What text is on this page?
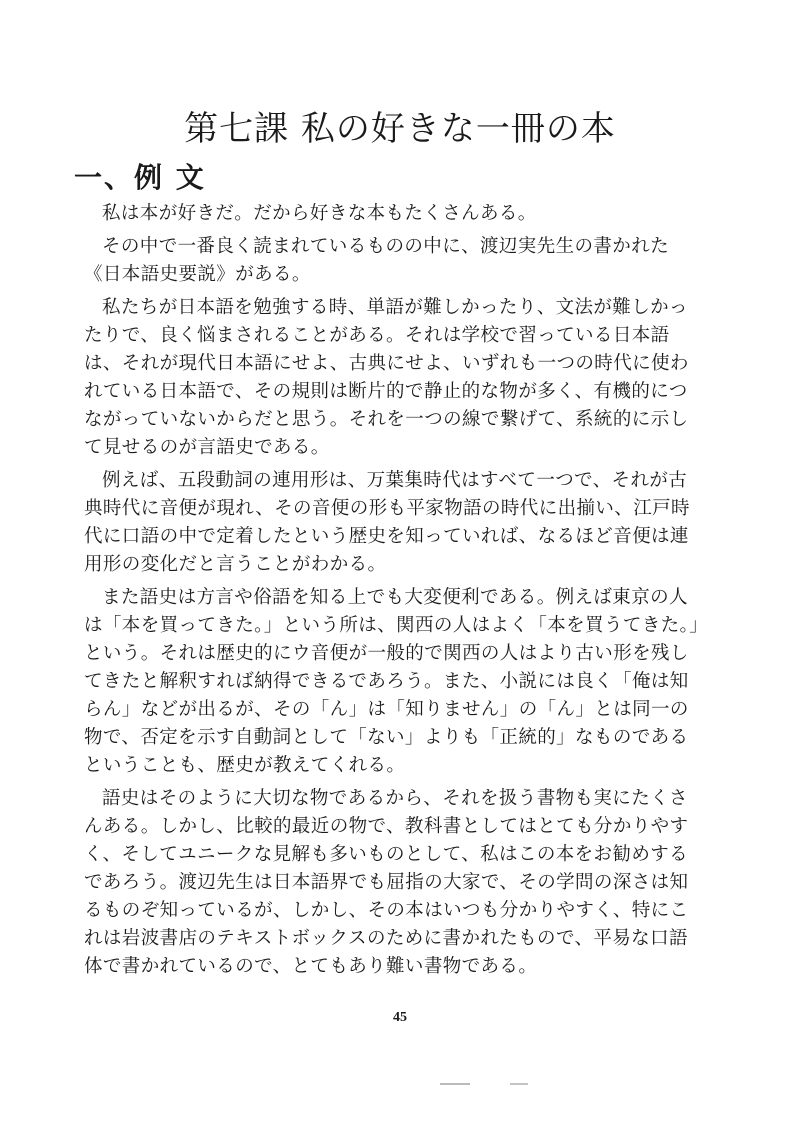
第七課 私の好きな一冊の本
一、例 文

私は本が好きだ。だから好きな本もたくさんある。

その中で一番良く読まれているものの中に、渡辺実先生の書かれた《日本語史要説》がある。

私たちが日本語を勉強する時、単語が難しかったり、文法が難しかったりで、良く悩まされることがある。それは学校で習っている日本語は、それが現代日本語にせよ、古典にせよ、いずれも一つの時代に使われている日本語で、その規則は断片的で静止的な物が多く、有機的につながっていないからだと思う。それを一つの線で繋げて、系統的に示して見せるのが言語史である。

例えば、五段動詞の連用形は、万葉集時代はすべて一つで、それが古典時代に音便が現れ、その音便の形も平家物語の時代に出揃い、江戸時代に口語の中で定着したという歴史を知っていれば、なるほど音便は連用形の変化だと言うことがわかる。

また語史は方言や俗語を知る上でも大変便利である。例えば東京の人は「本を買ってきた。」という所は、関西の人はよく「本を買うてきた。」という。それは歴史的にウ音便が一般的で関西の人はより古い形を残してきたと解釈すれば納得できるであろう。また、小説には良く「俺は知らん」などが出るが、その「ん」は「知りません」の「ん」とは同一の物で、否定を示す自動詞として「ない」よりも「正統的」なものであるということも、歴史が教えてくれる。

語史はそのように大切な物であるから、それを扱う書物も実にたくさんある。しかし、比較的最近の物で、教科書としてはとても分かりやすく、そしてユニークな見解も多いものとして、私はこの本をお勧めするであろう。渡辺先生は日本語界でも屈指の大家で、その学問の深さは知るものぞ知っているが、しかし、その本はいつも分かりやすく、特にこれは岩波書店のテキストボックスのために書かれたもので、平易な口語体で書かれているので、とてもあり難い書物である。

45
